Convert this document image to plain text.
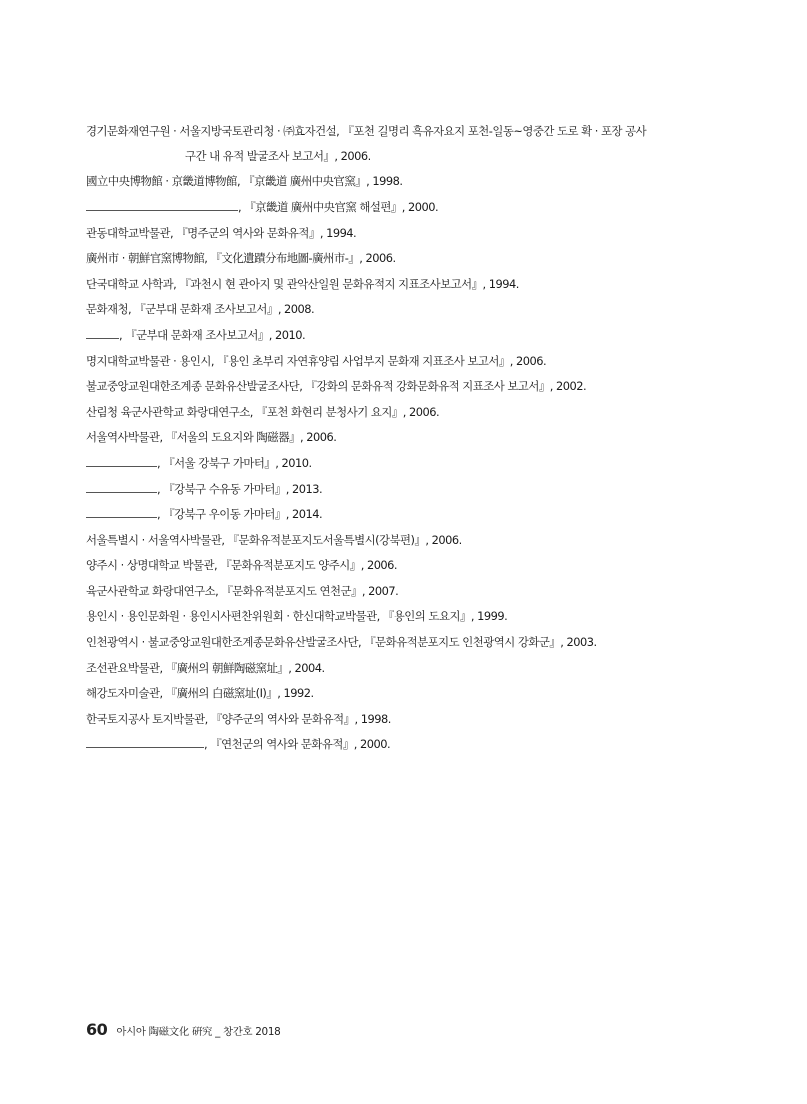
경기문화재연구원 · 서울지방국토관리청 · ㈜효자건설, 『포천 길명리 흑유자요지 포천-일동~영중간 도로 확 · 포장 공사
구간 내 유적 발굴조사 보고서』, 2006.
國立中央博物館 · 京畿道博物館, 『京畿道 廣州中央官窯』, 1998.
, 『京畿道 廣州中央官窯 해설편』, 2000.
관동대학교박물관, 『명주군의 역사와 문화유적』, 1994.
廣州市 · 朝鮮官窯博物館, 『文化遺蹟分布地圖-廣州市-』, 2006.
단국대학교 사학과, 『과천시 현 관아지 및 관악산일원 문화유적지 지표조사보고서』, 1994.
문화재청, 『군부대 문화재 조사보고서』, 2008.
, 『군부대 문화재 조사보고서』, 2010.
명지대학교박물관 · 용인시, 『용인 초부리 자연휴양림 사업부지 문화재 지표조사 보고서』, 2006.
불교중앙교원대한조계종 문화유산발굴조사단, 『강화의 문화유적 강화문화유적 지표조사 보고서』, 2002.
산림청 육군사관학교 화랑대연구소, 『포천 화현리 분청사기 요지』, 2006.
서울역사박물관, 『서울의 도요지와 陶磁器』, 2006.
, 『서울 강북구 가마터』, 2010.
, 『강북구 수유동 가마터』, 2013.
, 『강북구 우이동 가마터』, 2014.
서울특별시 · 서울역사박물관, 『문화유적분포지도서울특별시(강북편)』, 2006.
양주시 · 상명대학교 박물관, 『문화유적분포지도 양주시』, 2006.
육군사관학교 화랑대연구소, 『문화유적분포지도 연천군』, 2007.
용인시 · 용인문화원 · 용인시사편찬위원회 · 한신대학교박물관, 『용인의 도요지』, 1999.
인천광역시 · 불교중앙교원대한조계종문화유산발굴조사단, 『문화유적분포지도 인천광역시 강화군』, 2003.
조선관요박물관, 『廣州의 朝鮮陶磁窯址』, 2004.
해강도자미술관, 『廣州의 白磁窯址(I)』, 1992.
한국토지공사 토지박물관, 『양주군의 역사와 문화유적』, 1998.
, 『연천군의 역사와 문화유적』, 2000.
60 아시아 陶磁文化 硏究 _ 창간호 2018
